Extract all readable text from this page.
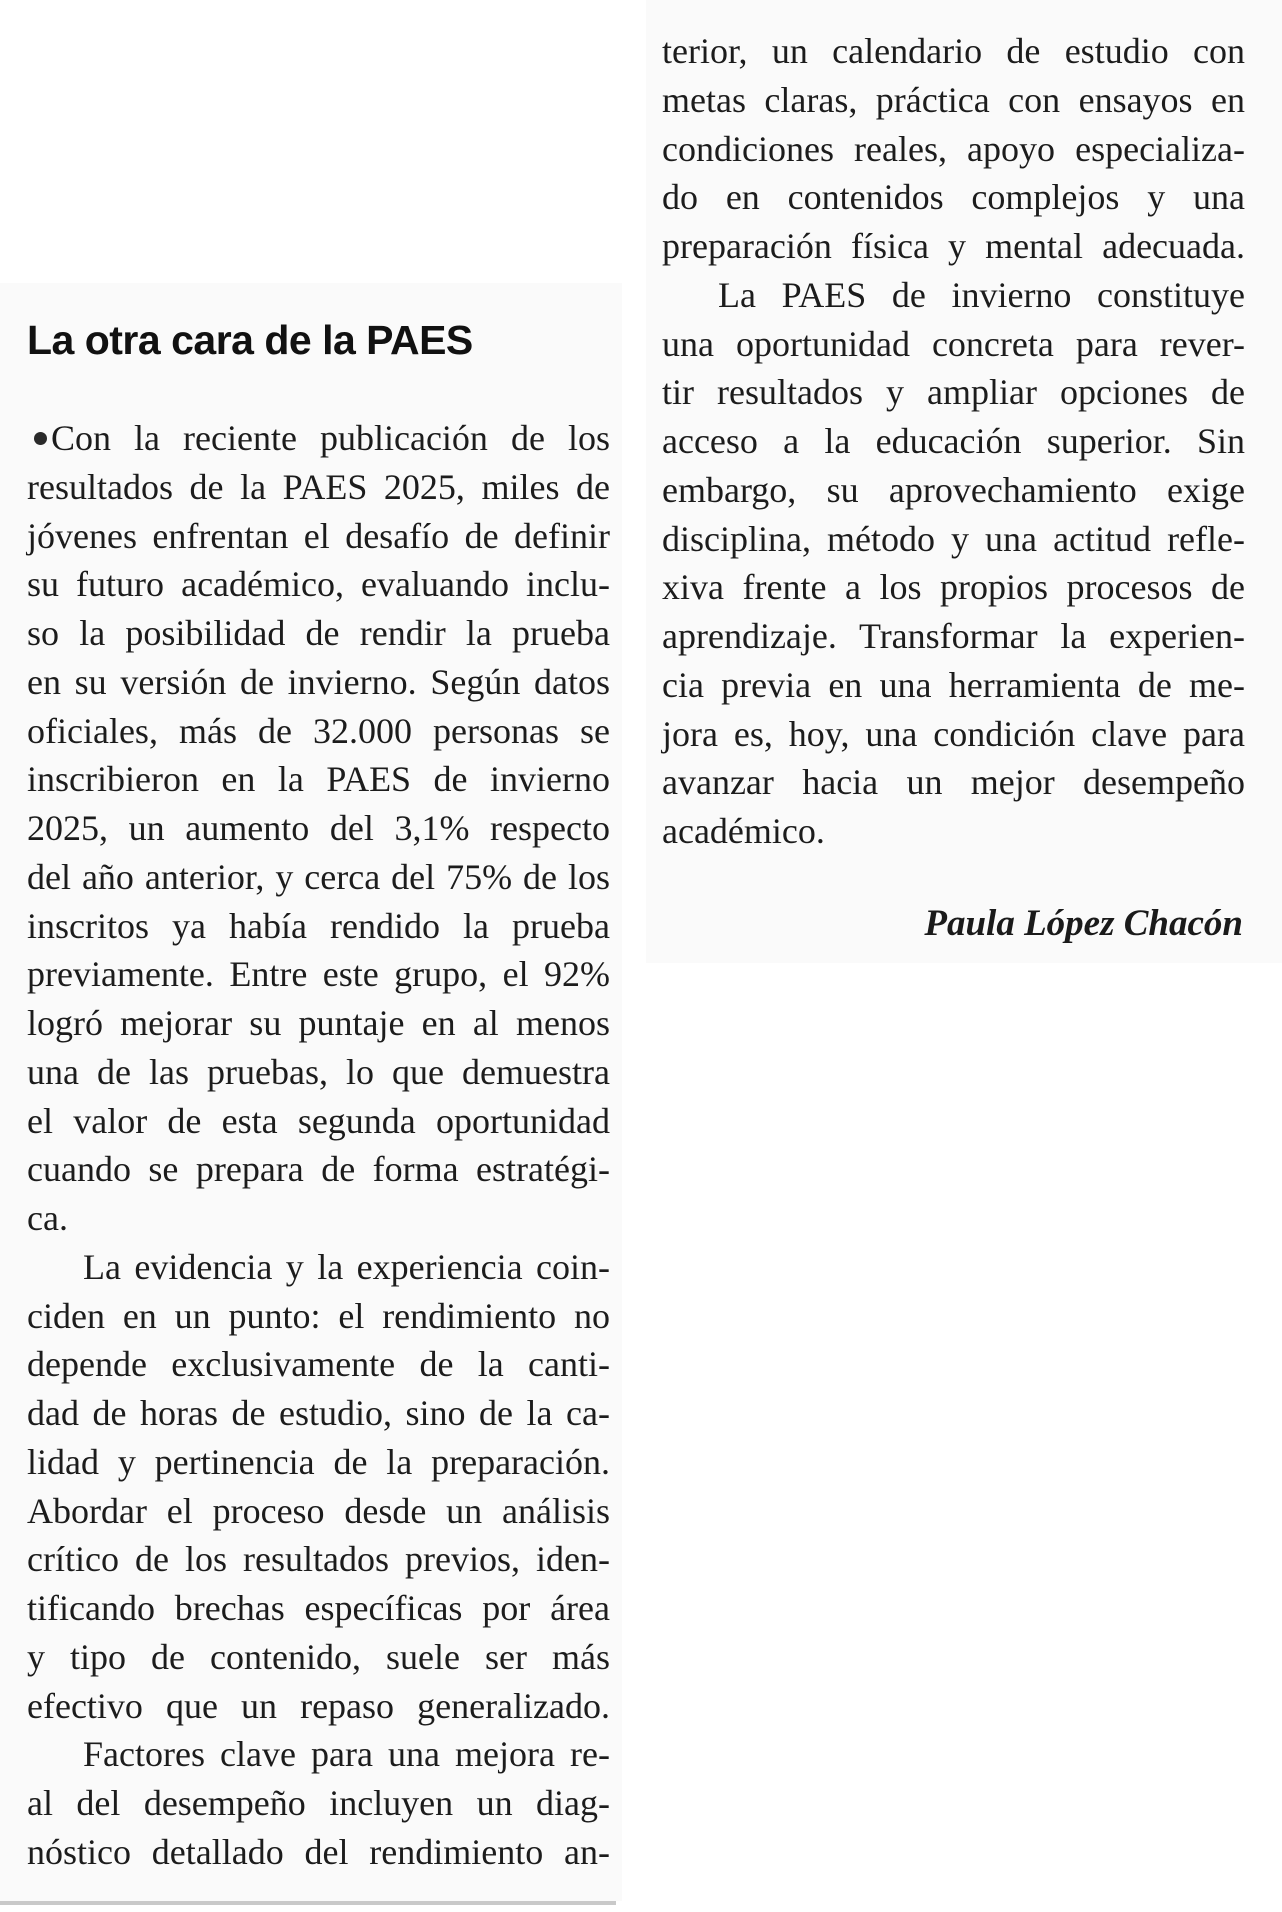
La otra cara de la PAES
Con la reciente publicación de los
resultados de la PAES 2025, miles de
jóvenes enfrentan el desafío de definir
su futuro académico, evaluando inclu-
so la posibilidad de rendir la prueba
en su versión de invierno. Según datos
oficiales, más de 32.000 personas se
inscribieron en la PAES de invierno
2025, un aumento del 3,1% respecto
del año anterior, y cerca del 75% de los
inscritos ya había rendido la prueba
previamente. Entre este grupo, el 92%
logró mejorar su puntaje en al menos
una de las pruebas, lo que demuestra
el valor de esta segunda oportunidad
cuando se prepara de forma estratégi-
ca.
La evidencia y la experiencia coin-
ciden en un punto: el rendimiento no
depende exclusivamente de la canti-
dad de horas de estudio, sino de la ca-
lidad y pertinencia de la preparación.
Abordar el proceso desde un análisis
crítico de los resultados previos, iden-
tificando brechas específicas por área
y tipo de contenido, suele ser más
efectivo que un repaso generalizado.
Factores clave para una mejora re-
al del desempeño incluyen un diag-
nóstico detallado del rendimiento an-
terior, un calendario de estudio con
metas claras, práctica con ensayos en
condiciones reales, apoyo especializa-
do en contenidos complejos y una
preparación física y mental adecuada.
La PAES de invierno constituye
una oportunidad concreta para rever-
tir resultados y ampliar opciones de
acceso a la educación superior. Sin
embargo, su aprovechamiento exige
disciplina, método y una actitud refle-
xiva frente a los propios procesos de
aprendizaje. Transformar la experien-
cia previa en una herramienta de me-
jora es, hoy, una condición clave para
avanzar hacia un mejor desempeño
académico.
Paula López Chacón
